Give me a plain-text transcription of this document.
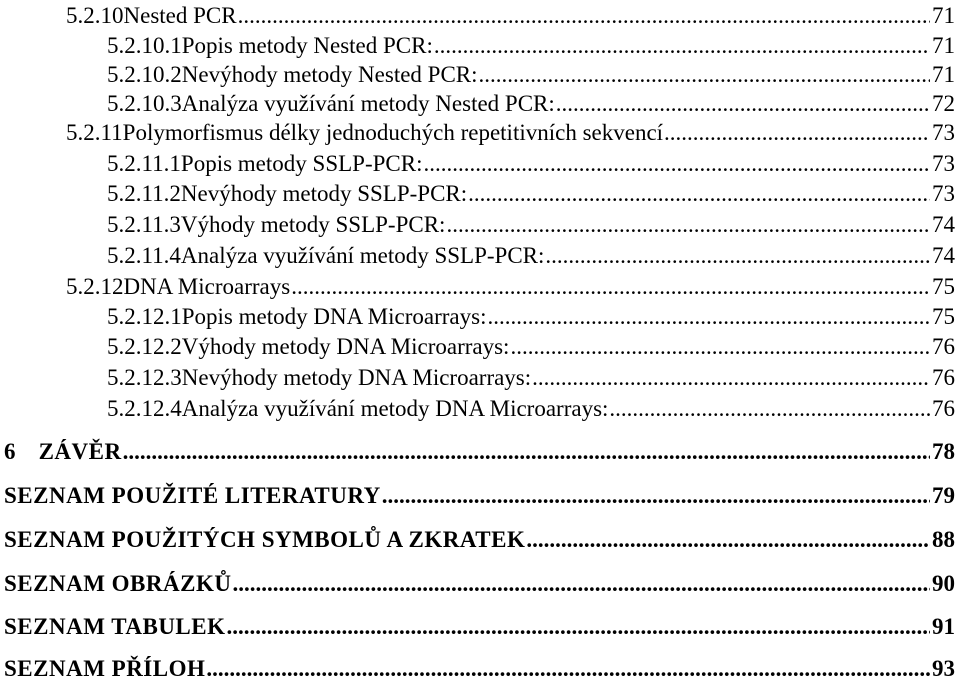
5.2.10 Nested PCR .....	71
5.2.10.1 Popis metody Nested PCR: .....	71
5.2.10.2 Nevýhody metody Nested PCR: .....	71
5.2.10.3 Analýza využívání metody Nested PCR: .....	72
5.2.11 Polymorfismus délky jednoduchých repetitivních sekvencí .....	73
5.2.11.1 Popis metody SSLP-PCR: .....	73
5.2.11.2 Nevýhody metody SSLP-PCR: .....	73
5.2.11.3 Výhody metody SSLP-PCR: .....	74
5.2.11.4 Analýza využívání metody SSLP-PCR: .....	74
5.2.12 DNA Microarrays .....	75
5.2.12.1 Popis metody DNA Microarrays: .....	75
5.2.12.2 Výhody metody DNA Microarrays: .....	76
5.2.12.3 Nevýhody metody DNA Microarrays: .....	76
5.2.12.4 Analýza využívání metody DNA Microarrays: .....	76
6	ZÁVĚR .....	78
SEZNAM POUŽITÉ LITERATURY .....	79
SEZNAM POUŽITÝCH SYMBOLŮ A ZKRATEK .....	88
SEZNAM OBRÁZKŮ .....	90
SEZNAM TABULEK .....	91
SEZNAM PŘÍLOH .....	93
